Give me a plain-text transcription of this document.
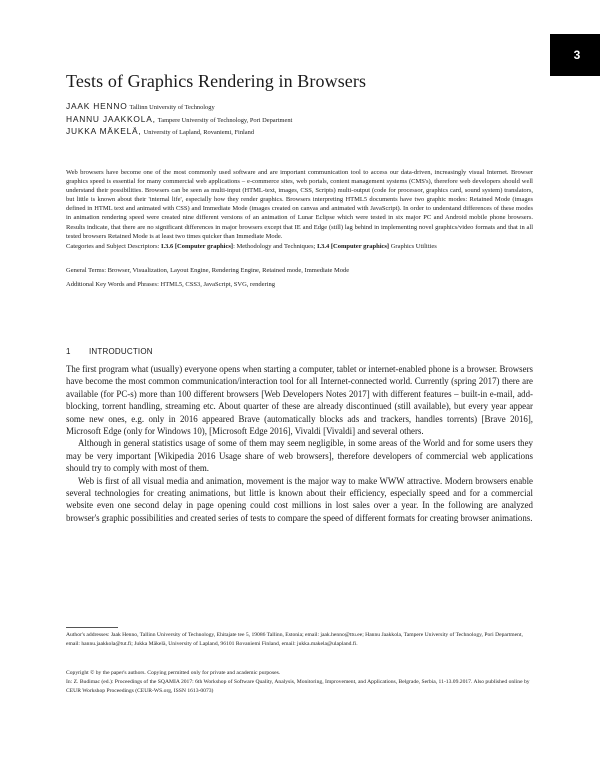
3
Tests of Graphics Rendering in Browsers
JAAK HENNO Tallinn University of Technology
HANNU JAAKKOLA, Tampere University of Technology, Pori Department
JUKKA MÄKELÄ, University of Lapland, Rovaniemi, Finland
Web browsers have become one of the most commonly used software and are important communication tool to access our data-driven, increasingly visual Internet. Browser graphics speed is essential for many commercial web applications – e-commerce sites, web portals, content management systems (CMS's), therefore web developers should well understand their possibilities. Browsers can be seen as multi-input (HTML-text, images, CSS, Scripts) multi-output (code for processor, graphics card, sound system) translators, but little is known about their 'internal life', especially how they render graphics. Browsers interpreting HTML5 documents have two graphic modes: Retained Mode (images defined in HTML text and animated with CSS) and Immediate Mode (images created on canvas and animated with JavaScript). In order to understand differences of these modes in animation rendering speed were created nine different versions of an animation of Lunar Eclipse which were tested in six major PC and Android mobile phone browsers. Results indicate, that there are no significant differences in major browsers except that IE and Edge (still) lag behind in implementing novel graphics/video formats and that in all tested browsers Retained Mode is at least two times quicker than Immediate Mode.
Categories and Subject Descriptors: I.3.6 [Computer graphics]: Methodology and Techniques; I.3.4 [Computer graphics] Graphics Utilities
General Terms: Browser, Visualization, Layout Engine, Rendering Engine, Retained mode, Immediate Mode
Additional Key Words and Phrases: HTML5, CSS3, JavaScript, SVG, rendering
1 INTRODUCTION

The first program what (usually) everyone opens when starting a computer, tablet or internet-enabled phone is a browser. Browsers have become the most common communication/interaction tool for all Internet-connected world. Currently (spring 2017) there are available (for PC-s) more than 100 different browsers [Web Developers Notes 2017] with different features – built-in e-mail, add-blocking, torrent handling, streaming etc. About quarter of these are already discontinued (still available), but every year appear some new ones, e.g. only in 2016 appeared Brave (automatically blocks ads and trackers, handles torrents) [Brave 2016], Microsoft Edge (only for Windows 10), [Microsoft Edge 2016], Vivaldi [Vivaldi] and several others.

Although in general statistics usage of some of them may seem negligible, in some areas of the World and for some users they may be very important [Wikipedia 2016 Usage share of web browsers], therefore developers of commercial web applications should try to comply with most of them.

Web is first of all visual media and animation, movement is the major way to make WWW attractive. Modern browsers enable several technologies for creating animations, but little is known about their efficiency, especially speed and for a commercial website even one second delay in page opening could cost millions in lost sales over a year. In the following are analyzed browser's graphic possibilities and created series of tests to compare the speed of different formats for creating browser animations.

Author's addresses: Jaak Henno, Tallinn University of Technology, Ehitajate tee 5, 19086 Tallinn, Estonia; email: jaak.henno@ttu.ee; Hannu Jaakkola, Tampere University of Technology, Pori Department, email: hannu.jaakkola@tut.fi; Jukka Mäkelä, University of Lapland, 96101 Rovaniemi Finland, email: jukka.makela@ulapland.fi.
Copyright © by the paper's authors. Copying permitted only for private and academic purposes.
In: Z. Budimac (ed.): Proceedings of the SQAMIA 2017: 6th Workshop of Software Quality, Analysis, Monitoring, Improvement, and Applications, Belgrade, Serbia, 11-13.09.2017. Also published online by CEUR Workshop Proceedings (CEUR-WS.org, ISSN 1613-0073)
